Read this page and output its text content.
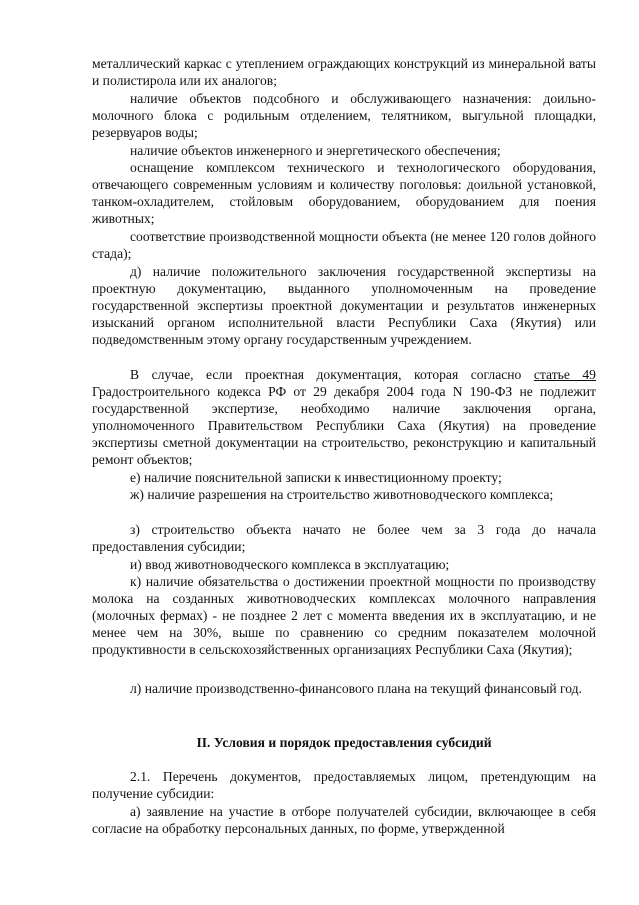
металлический каркас с утеплением ограждающих конструкций из минеральной ваты и полистирола или их аналогов;

наличие объектов подсобного и обслуживающего назначения: доильно-молочного блока с родильным отделением, телятником, выгульной площадки, резервуаров воды;

наличие объектов инженерного и энергетического обеспечения;

оснащение комплексом технического и технологического оборудования, отвечающего современным условиям и количеству поголовья: доильной установкой, танком-охладителем, стойловым оборудованием, оборудованием для поения животных;

соответствие производственной мощности объекта (не менее 120 голов дойного стада);

д) наличие положительного заключения государственной экспертизы на проектную документацию, выданного уполномоченным на проведение государственной экспертизы проектной документации и результатов инженерных изысканий органом исполнительной власти Республики Саха (Якутия) или подведомственным этому органу государственным учреждением.

В случае, если проектная документация, которая согласно статье 49 Градостроительного кодекса РФ от 29 декабря 2004 года N 190-ФЗ не подлежит государственной экспертизе, необходимо наличие заключения органа, уполномоченного Правительством Республики Саха (Якутия) на проведение экспертизы сметной документации на строительство, реконструкцию и капитальный ремонт объектов;

е) наличие пояснительной записки к инвестиционному проекту;

ж) наличие разрешения на строительство животноводческого комплекса;

з) строительство объекта начато не более чем за 3 года до начала предоставления субсидии;

и) ввод животноводческого комплекса в эксплуатацию;

к) наличие обязательства о достижении проектной мощности по производству молока на созданных животноводческих комплексах молочного направления (молочных фермах) - не позднее 2 лет с момента введения их в эксплуатацию, и не менее чем на 30%, выше по сравнению со средним показателем молочной продуктивности в сельскохозяйственных организациях Республики Саха (Якутия);

л) наличие производственно-финансового плана на текущий финансовый год.

II. Условия и порядок предоставления субсидий

2.1. Перечень документов, предоставляемых лицом, претендующим на получение субсидии:

а) заявление на участие в отборе получателей субсидии, включающее в себя согласие на обработку персональных данных, по форме, утвержденной
